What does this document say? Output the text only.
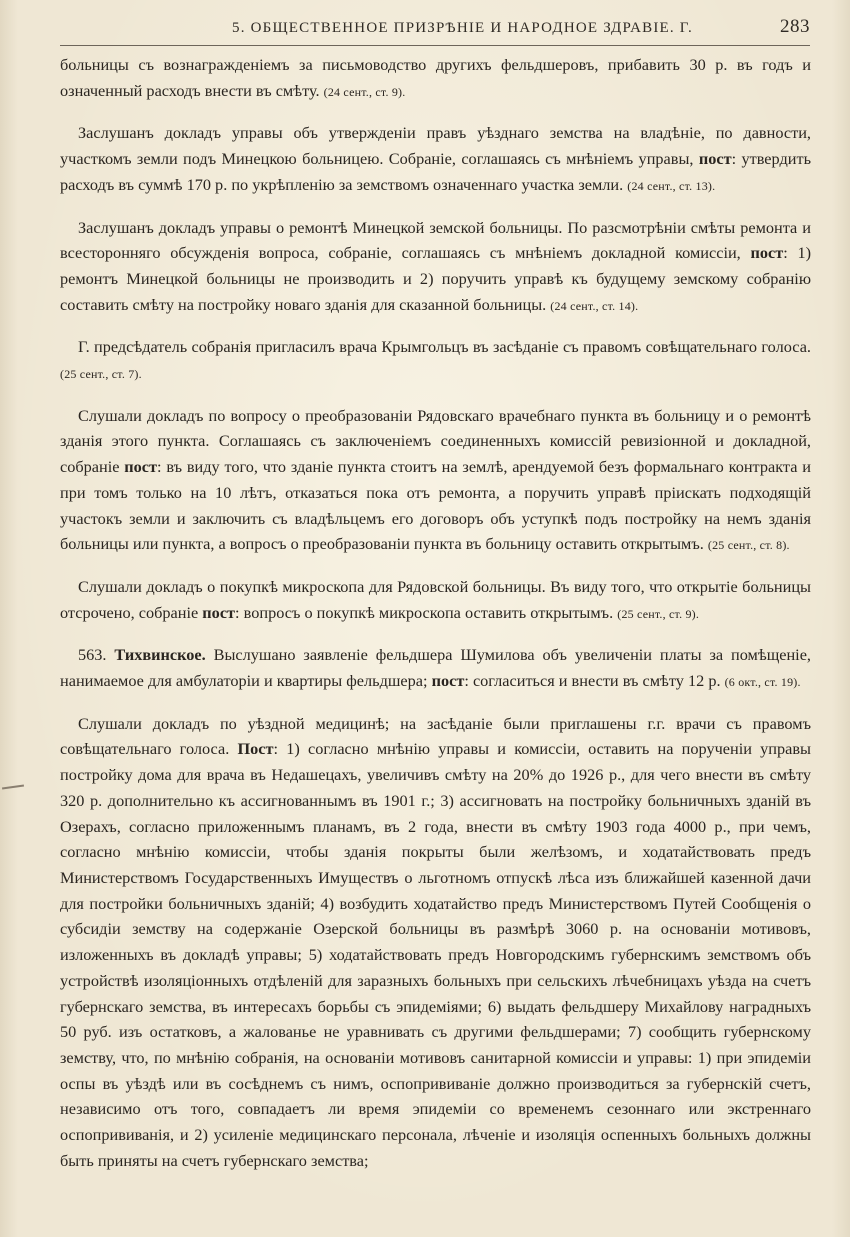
5. ОБЩЕСТВЕННОЕ ПРИЗРѢНІЕ И НАРОДНОЕ ЗДРАВІЕ. Г.	283

больницы съ вознагражденіемъ за письмоводство другихъ фельдшеровъ, прибавить 30 р. въ годъ и означенный расходъ внести въ смѣту. (24 сент., ст. 9).

Заслушанъ докладъ управы объ утвержденіи правъ уѣзднаго земства на владѣніе, по давности, участкомъ земли подъ Минецкою больницею. Собраніе, соглашаясь съ мнѣніемъ управы, пост: утвердить расходъ въ суммѣ 170 р. по укрѣпленію за земствомъ означеннаго участка земли. (24 сент., ст. 13).

Заслушанъ докладъ управы о ремонтѣ Минецкой земской больницы. По разсмотрѣніи смѣты ремонта и всесторонняго обсужденія вопроса, собраніе, соглашаясь съ мнѣніемъ докладной комиссіи, пост: 1) ремонтъ Минецкой больницы не производить и 2) поручить управѣ къ будущему земскому собранію составить смѣту на постройку новаго зданія для сказанной больницы. (24 сент., ст. 14).

Г. предсѣдатель собранія пригласилъ врача Крымгольцъ въ засѣданіе съ правомъ совѣщательнаго голоса. (25 сент., ст. 7).

Слушали докладъ по вопросу о преобразованіи Рядовскаго врачебнаго пункта въ больницу и о ремонтѣ зданія этого пункта. Соглашаясь съ заключеніемъ соединенныхъ комиссій ревизіонной и докладной, собраніе пост: въ виду того, что зданіе пункта стоитъ на землѣ, арендуемой безъ формальнаго контракта и при томъ только на 10 лѣтъ, отказаться пока отъ ремонта, а поручить управѣ пріискать подходящій участокъ земли и заключить съ владѣльцемъ его договоръ объ уступкѣ подъ постройку на немъ зданія больницы или пункта, а вопросъ о преобразованіи пункта въ больницу оставить открытымъ. (25 сент., ст. 8).

Слушали докладъ о покупкѣ микроскопа для Рядовской больницы. Въ виду того, что открытіе больницы отсрочено, собраніе пост: вопросъ о покупкѣ микроскопа оставить открытымъ. (25 сент., ст. 9).

563. Тихвинское. Выслушано заявленіе фельдшера Шумилова объ увеличеніи платы за помѣщеніе, нанимаемое для амбулаторіи и квартиры фельдшера; пост: согласиться и внести въ смѣту 12 р. (6 окт., ст. 19).

Слушали докладъ по уѣздной медицинѣ; на засѣданіе были приглашены г.г. врачи съ правомъ совѣщательнаго голоса. Пост: 1) согласно мнѣнію управы и комиссіи, оставить на порученіи управы постройку дома для врача въ Недашецахъ, увеличивъ смѣту на 20% до 1926 р., для чего внести въ смѣту 320 р. дополнительно къ ассигнованнымъ въ 1901 г.; 3) ассигновать на постройку больничныхъ зданій въ Озерахъ, согласно приложеннымъ планамъ, въ 2 года, внести въ смѣту 1903 года 4000 р., при чемъ, согласно мнѣнію комиссіи, чтобы зданія покрыты были желѣзомъ, и ходатайствовать предъ Министерствомъ Государственныхъ Имуществъ о льготномъ отпускѣ лѣса изъ ближайшей казенной дачи для постройки больничныхъ зданій; 4) возбудить ходатайство предъ Министерствомъ Путей Сообщенія о субсидіи земству на содержаніе Озерской больницы въ размѣрѣ 3060 р. на основаніи мотивовъ, изложенныхъ въ докладѣ управы; 5) ходатайствовать предъ Новгородскимъ губернскимъ земствомъ объ устройствѣ изоляціонныхъ отдѣленій для заразныхъ больныхъ при сельскихъ лѣчебницахъ уѣзда на счетъ губернскаго земства, въ интересахъ борьбы съ эпидеміями; 6) выдать фельдшеру Михайлову наградныхъ 50 руб. изъ остатковъ, а жалованье не уравнивать съ другими фельдшерами; 7) сообщить губернскому земству, что, по мнѣнію собранія, на основаніи мотивовъ санитарной комиссіи и управы: 1) при эпидеміи оспы въ уѣздѣ или въ сосѣднемъ съ нимъ, оспопрививаніе должно производиться за губернскій счетъ, независимо отъ того, совпадаетъ ли время эпидеміи со временемъ сезоннаго или экстреннаго оспопрививанія, и 2) усиленіе медицинскаго персонала, лѣченіе и изоляція оспенныхъ больныхъ должны быть приняты на счетъ губернскаго земства;
